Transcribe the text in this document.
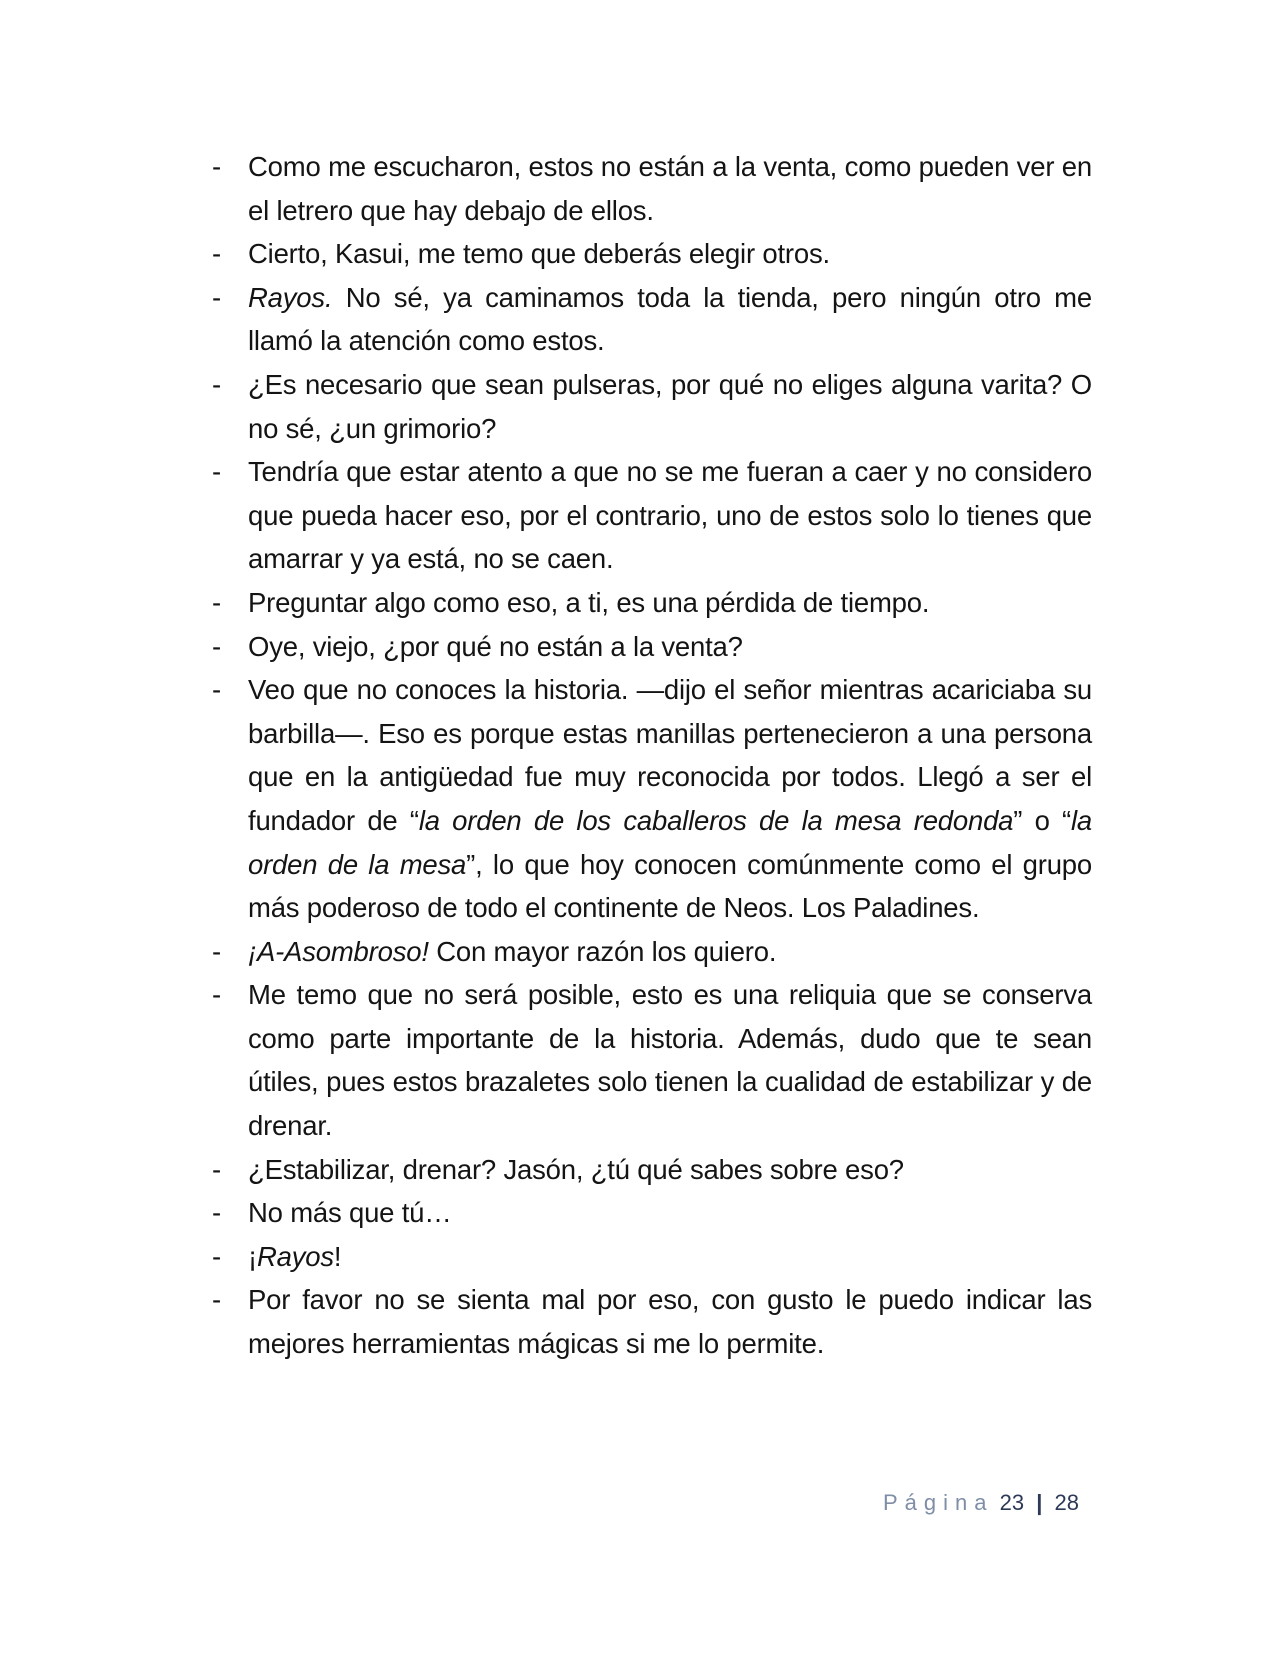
- Como me escucharon, estos no están a la venta, como pueden ver en el letrero que hay debajo de ellos.
- Cierto, Kasui, me temo que deberás elegir otros.
- Rayos. No sé, ya caminamos toda la tienda, pero ningún otro me llamó la atención como estos.
- ¿Es necesario que sean pulseras, por qué no eliges alguna varita? O no sé, ¿un grimorio?
- Tendría que estar atento a que no se me fueran a caer y no considero que pueda hacer eso, por el contrario, uno de estos solo lo tienes que amarrar y ya está, no se caen.
- Preguntar algo como eso, a ti, es una pérdida de tiempo.
- Oye, viejo, ¿por qué no están a la venta?
- Veo que no conoces la historia. —dijo el señor mientras acariciaba su barbilla—. Eso es porque estas manillas pertenecieron a una persona que en la antigüedad fue muy reconocida por todos. Llegó a ser el fundador de “la orden de los caballeros de la mesa redonda” o “la orden de la mesa”, lo que hoy conocen comúnmente como el grupo más poderoso de todo el continente de Neos. Los Paladines.
- ¡A-Asombroso! Con mayor razón los quiero.
- Me temo que no será posible, esto es una reliquia que se conserva como parte importante de la historia. Además, dudo que te sean útiles, pues estos brazaletes solo tienen la cualidad de estabilizar y de drenar.
- ¿Estabilizar, drenar? Jasón, ¿tú qué sabes sobre eso?
- No más que tú…
- ¡Rayos!
- Por favor no se sienta mal por eso, con gusto le puedo indicar las mejores herramientas mágicas si me lo permite.
Página 23 | 28
